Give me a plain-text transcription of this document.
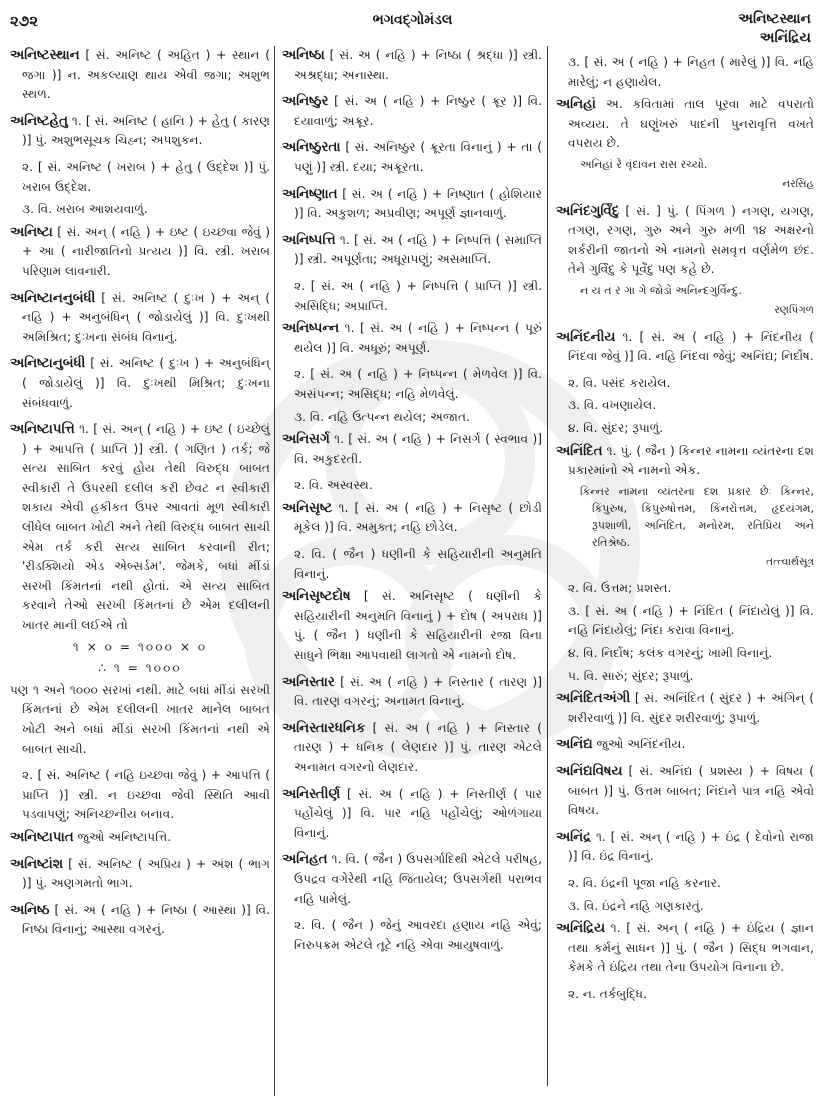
૨૭૨	ભગવદ્ગોમંડલ	અનિષ્ટસ્થાન
અનિંદ્રિય
અનિષ્ટસ્થાન [ સં. અનિષ્ટ ( અહિત ) + સ્થાન ( જગા )] ન. અકલ્યાણ થાય એવી જગા; અશુભ સ્થળ.
અનિષ્ટહેતુ ૧. [ સં. અનિષ્ટ ( હાનિ ) + હેતુ ( કારણ )] પું. અશુભસૂચક ચિહ્ન; અપશુકન.
૨. [ સં. અનિષ્ટ ( ખરાબ ) + હેતુ ( ઉદ્દેશ )] પું. ખરાબ ઉદ્દેશ.
૩. વિ. ખરાબ આશયવાળું.
અનિષ્ટા [ સં. અન્ ( નહિ ) + ઇષ્ટ ( ઇચ્છવા જેવું ) + આ ( નારીજાતિનો પ્રત્યય )] વિ. સ્ત્રી. ખરાબ પરિણામ લાવનારી.
અનિષ્ટાનનુબંધી [ સં. અનિષ્ટ ( દુઃખ ) + અન્ ( નહિ ) + અનુબંધિન્ ( જોડાયેલું )] વિ. દુઃખથી અમિશ્રિત; દુઃખના સંબંધ વિનાનું.
અનિષ્ટાનુબંધી [ સં. અનિષ્ટ ( દુઃખ ) + અનુબંધિન્ ( જોડાયેલું )] વિ. દુઃખથી મિશ્રિત; દુઃખના સંબંધવાળું.
અનિષ્ટાપત્તિ ૧. [ સં. અન્ ( નહિ ) + ઇષ્ટ ( ઇચ્છેલું ) + આપત્તિ ( પ્રાપ્તિ )] સ્ત્રી. ( ગણિત ) તર્ક; જે સત્ય સાબિત કરવું હોય તેથી વિરુદ્ધ બાબત સ્વીકારી તે ઉપરથી દલીલ કરી છેવટ ન સ્વીકારી શકાય એવી હકીકત ઉપર આવતાં મૂળ સ્વીકારી લીધેલ બાબત ખોટી અને તેથી વિરુદ્ધ બાબત સાચી એમ તર્ક કરી સત્ય સાબિત કરવાની રીત; 'રીડક્શિયો એડ એબ્સર્ડમ'. જેમકે, બધાં મીંડાં સરખી કિંમતનાં નથી હોતાં. એ સત્ય સાબિત કરવાને તેઓ સરખી કિંમતનાં છે એમ દલીલની ખાતર માની લઈએ તો
૧ × ૦ = ૧૦૦૦ × ૦
∴ ૧ = ૧૦૦૦
પણ ૧ અને ૧૦૦૦ સરખાં નથી. માટે બધાં મીંડાં સરખી કિંમતનાં છે એમ દલીલની ખાતર માનેલ બાબત ખોટી અને બધાં મીંડાં સરખી કિંમતનાં નથી એ બાબત સાચી.
૨. [ સં. અનિષ્ટ ( નહિ ઇચ્છવા જેવું ) + આપત્તિ ( પ્રાપ્તિ )] સ્ત્રી. ન ઇચ્છવા જેવી સ્થિતિ આવી પડવાપણું; અનિચ્છનીય બનાવ.
અનિષ્ટાપાત જુઓ અનિષ્ટાપત્તિ.
અનિષ્ટાંશ [ સં. અનિષ્ટ ( અપ્રિય ) + અંશ ( ભાગ )] પું. અણગમતો ભાગ.
અનિષ્ઠ [ સં. અ ( નહિ ) + નિષ્ઠા ( આસ્થા )] વિ. નિષ્ઠા વિનાનું; આસ્થા વગરનું.
અનિષ્ઠા [ સં. અ ( નહિ ) + નિષ્ઠા ( શ્રદ્ધા )] સ્ત્રી. અશ્રદ્ધા; અનાસ્થા.
અનિષ્ઠુર [ સં. અ ( નહિ ) + નિષ્ઠુર ( ક્રૂર )] વિ. દયાવાળું; અક્રૂર.
અનિષ્ઠુરતા [ સં. અનિષ્ઠુર ( ક્રૂરતા વિનાનું ) + તા ( પણું )] સ્ત્રી. દયા; અક્રૂરતા.
અનિષ્ણાત [ સં. અ ( નહિ ) + નિષ્ણાત ( હોશિયાર )] વિ. અકુશળ; અપ્રવીણ; અપૂર્ણ જ્ઞાનવાળું.
અનિષ્પત્તિ ૧. [ સં. અ ( નહિ ) + નિષ્પત્તિ ( સમાપ્તિ )] સ્ત્રી. અપૂર્ણતા; અધૂરાપણું; અસમાપ્તિ.
૨. [ સં. અ ( નહિ ) + નિષ્પત્તિ ( પ્રાપ્તિ )] સ્ત્રી. અસિદ્ધિ; અપ્રાપ્તિ.
અનિષ્પન્ન ૧. [ સં. અ ( નહિ ) + નિષ્પન્ન ( પૂરું થયેલ )] વિ. અધૂરું; અપૂર્ણ.
૨. [ સં. અ ( નહિ ) + નિષ્પન્ન ( મેળવેલ )] વિ. અસંપન્ન; અસિદ્ધ; નહિ મેળવેલું.
૩. વિ. નહિ ઉત્પન્ન થયેલ; અજાત.
અનિસર્ગ ૧. [ સં. અ ( નહિ ) + નિસર્ગ ( સ્વભાવ )] વિ. અકુદરતી.
૨. વિ. અસ્વસ્થ.
અનિસૃષ્ટ ૧. [ સં. અ ( નહિ ) + નિસૃષ્ટ ( છોડી મૂકેલ )] વિ. અમુક્ત; નહિ છોડેલ.
૨. વિ. ( જૈન ) ધણીની કે સહિયારીની અનુમતિ વિનાનું.
અનિસૃષ્ટદોષ [ સં. અનિસૃષ્ટ ( ધણીની કે સહિયારીની અનુમતિ વિનાનું ) + દોષ ( અપરાધ )] પું. ( જૈન ) ધણીની કે સહિયારીની રજા વિના સાધુને ભિક્ષા આપવાથી લાગતો એ નામનો દોષ.
અનિસ્તાર [ સં. અ ( નહિ ) + નિસ્તાર ( તારણ )] વિ. તારણ વગરનું; અનામત વિનાનું.
અનિસ્તારધનિક [ સં. અ ( નહિ ) + નિસ્તાર ( તારણ ) + ધનિક ( લેણદાર )] પું. તારણ એટલે અનામત વગરનો લેણદાર.
અનિસ્તીર્ણ [ સં. અ ( નહિ ) + નિસ્તીર્ણ ( પાર પહોંચેલું )] વિ. પાર નહિ પહોંચેલું; ઓળંગાયા વિનાનું.
અનિહત ૧. વિ. ( જૈન ) ઉપસર્ગાદિથી એટલે પરીષહ, ઉપદ્રવ વગેરેથી નહિ જિતાયેલ; ઉપસર્ગથી પરાભવ નહિ પામેલું.
૨. વિ. ( જૈન ) જેનું આવરદા હણાય નહિ એવું; નિરુપક્રમ એટલે તૂટે નહિ એવા આયુષવાળું.
૩. [ સં. અ ( નહિ ) + નિહત ( મારેલું )] વિ. નહિ મારેલું; ન હણાયેલ.
અનિહાં અ. કવિતામાં તાલ પૂરવા માટે વપરાતો અવ્યય. તે ઘણુંખરું પાદની પુનરાવૃત્તિ વખતે વપરાય છે.
અનિહાં રે વૃંદાવન રાસ રચ્યો.
નરસિંહ
અનિંદગુર્વિંદુ [ સં. ] પું. ( પિંગળ ) નગણ, યગણ, તગણ, રગણ, ગુરુ અને ગુરુ મળી ૧૪ અક્ષરનો શર્કરીની જાતનો એ નામનો સમવૃત્ત વર્ણમેળ છંદ. તેને ગુર્વિંદુ કે પૂર્વેંદુ પણ કહે છે.
ન ય ત ર ગા ગે જોડો અનિન્દગુર્વિન્દુ.
રણપિંગળ
અનિંદનીય ૧. [ સં. અ ( નહિ ) + નિંદનીય ( નિંદવા જેવું )] વિ. નહિ નિંદવા જેવું; અનિંદ્ય; નિર્દોષ.
૨. વિ. પસંદ કરાયેલ.
૩. વિ. વખણાયેલ.
૪. વિ. સુંદર; રૂપાળું.
અનિંદિત ૧. પું. ( જૈન ) કિન્નર નામના વ્યંતરના દશ પ્રકારમાંનો એ નામનો એક.
કિન્નર નામના વ્યંતરના દશ પ્રકાર છેઃ કિન્નર, કિંપુરુષ, કિંપુરુષોત્તમ, કિંનરોત્તમ, હૃદયંગમ, રૂપશાળી, અનિંદિત, મનોરમ, રતિપ્રિય અને રતિશ્રેષ્ઠ.
તત્ત્વાર્થસૂત્ર
૨. વિ. ઉત્તમ; પ્રશસ્ત.
૩. [ સં. અ ( નહિ ) + નિંદિત ( નિંદાયેલું )] વિ. નહિ નિંદાયેલું; નિંદા કરાવા વિનાનું.
૪. વિ. નિર્દોષ; કલંક વગરનું; ખામી વિનાનું.
૫. વિ. સારું; સુંદર; રૂપાળું.
અનિંદિતઅંગી [ સં. અનિંદિત ( સુંદર ) + અંગિન્ ( શરીરવાળું )] વિ. સુંદર શરીરવાળું; રૂપાળું.
અનિંદ્ય જુઓ અનિંદનીય.
અનિંદ્યવિષય [ સં. અનિંદ્ય ( પ્રશસ્ય ) + વિષય ( બાબત )] પું. ઉત્તમ બાબત; નિંદાને પાત્ર નહિ એવો વિષય.
અનિંદ્ર ૧. [ સં. અન્ ( નહિ ) + ઇંદ્ર ( દેવોનો રાજા )] વિ. ઇંદ્ર વિનાનું.
૨. વિ. ઇંદ્રની પૂજા નહિ કરનાર.
૩. વિ. ઇંદ્રને નહિ ગણકારતું.
અનિંદ્રિય ૧. [ સં. અન્ ( નહિ ) + ઇંદ્રિય ( જ્ઞાન તથા કર્મનું સાધન )] પું. ( જૈન ) સિદ્ધ ભગવાન, કેમકે તે ઇંદ્રિય તથા તેના ઉપયોગ વિનાના છે.
૨. ન. તર્કબુદ્ધિ.
